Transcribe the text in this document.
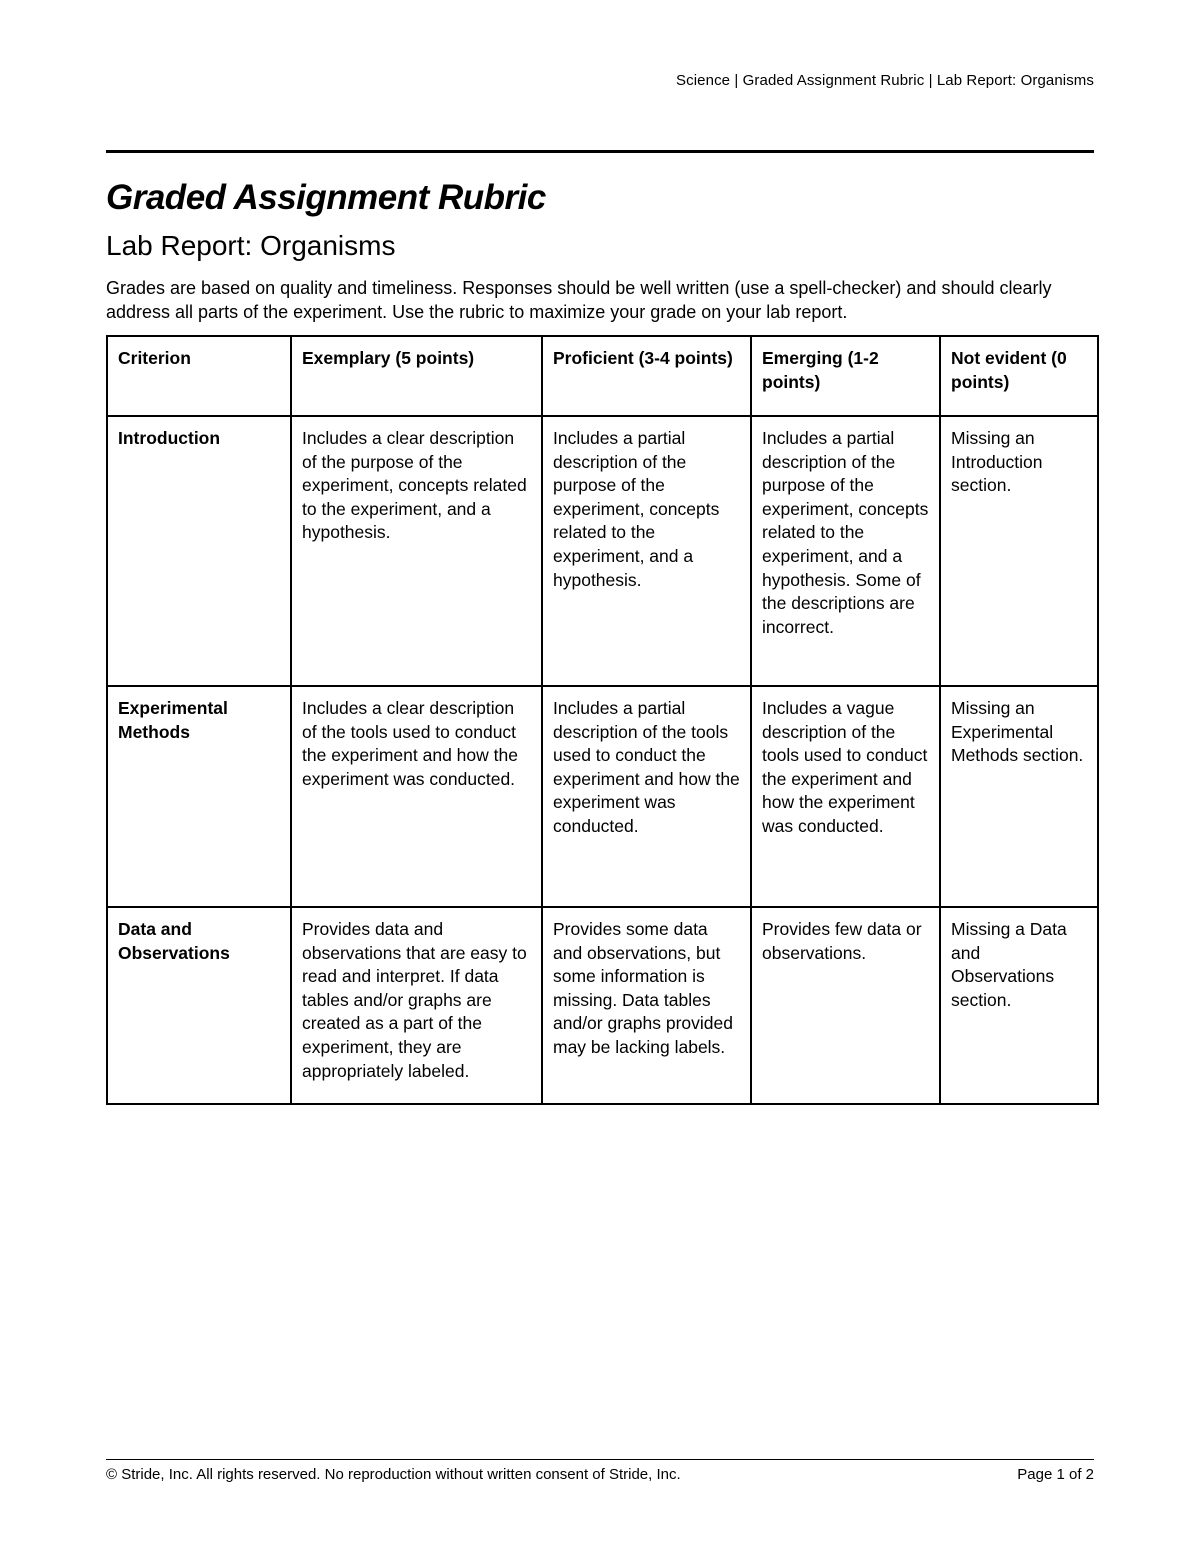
Science | Graded Assignment Rubric | Lab Report: Organisms
Graded Assignment Rubric
Lab Report: Organisms

Grades are based on quality and timeliness. Responses should be well written (use a spell-checker) and should clearly address all parts of the experiment. Use the rubric to maximize your grade on your lab report.

Criterion	Exemplary (5 points)	Proficient (3-4 points)	Emerging (1-2 points)	Not evident (0 points)
Introduction	Includes a clear description of the purpose of the experiment, concepts related to the experiment, and a hypothesis.	Includes a partial description of the purpose of the experiment, concepts related to the experiment, and a hypothesis.	Includes a partial description of the purpose of the experiment, concepts related to the experiment, and a hypothesis. Some of the descriptions are incorrect.	Missing an Introduction section.
Experimental Methods	Includes a clear description of the tools used to conduct the experiment and how the experiment was conducted.	Includes a partial description of the tools used to conduct the experiment and how the experiment was conducted.	Includes a vague description of the tools used to conduct the experiment and how the experiment was conducted.	Missing an Experimental Methods section.
Data and Observations	Provides data and observations that are easy to read and interpret. If data tables and/or graphs are created as a part of the experiment, they are appropriately labeled.	Provides some data and observations, but some information is missing. Data tables and/or graphs provided may be lacking labels.	Provides few data or observations.	Missing a Data and Observations section.
© Stride, Inc. All rights reserved. No reproduction without written consent of Stride, Inc.	Page 1 of 2
